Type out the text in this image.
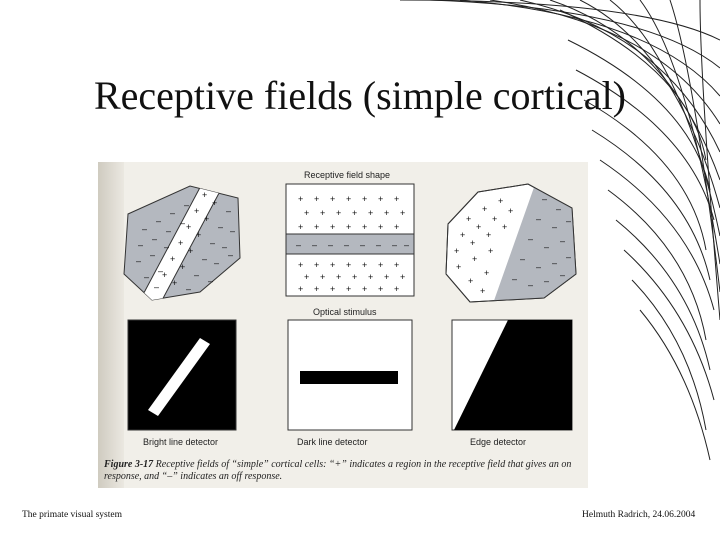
Receptive fields (simple cortical)
–
–
–
–
–
–
–
–
–
–
–
–
–
–
+
+
+
+
+
+
+
+
+
+
+
+
–
–
–
–
–
–
–
–
–
–
–
+
+
+
+
+
+
+
+
+
+
+
+
+
+
+
+
+
+
+
+
+
– – – – – – – –
+
+
+
+
+
+
+
+
+
+
+
+
+
+
+
+
+
+
+
+
+
+
+
+
+
+
+
+
+
+
+
+
+
+
+
+
+
+
–
–
–
–
–
–
–
–
–
– –
–
–
– –
–
Receptive field shape
Optical stimulus
Bright line detector	Dark line detector	Edge detector
Figure 3-17 Receptive fields of “simple” cortical cells: “+” indicates a region in the receptive field that gives an on response, and “–” indicates an off response.
The primate visual system	Helmuth Radrich, 24.06.2004
